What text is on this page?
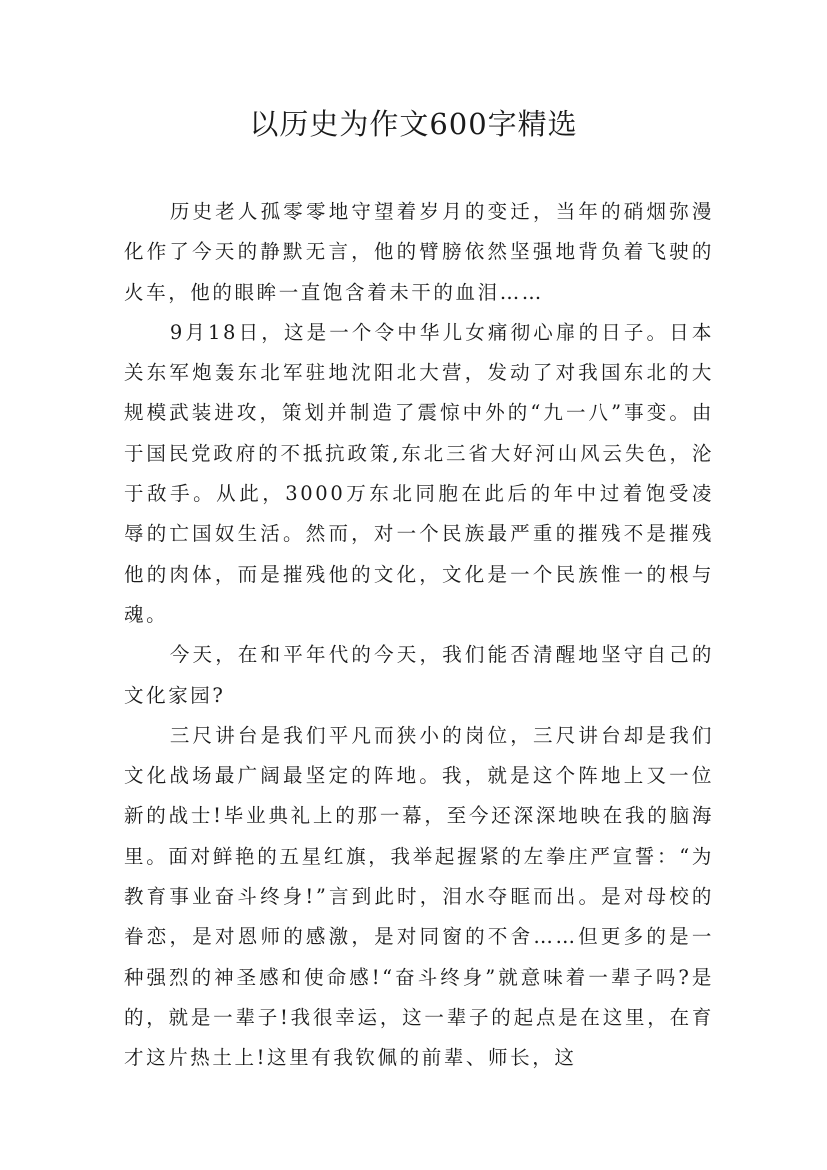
以历史为作文600字精选

历史老人孤零零地守望着岁月的变迁，当年的硝烟弥漫化作了今天的静默无言，他的臂膀依然坚强地背负着飞驶的火车，他的眼眸一直饱含着未干的血泪……

9月18日，这是一个令中华儿女痛彻心扉的日子。日本关东军炮轰东北军驻地沈阳北大营，发动了对我国东北的大规模武装进攻，策划并制造了震惊中外的“九一八”事变。由于国民党政府的不抵抗政策,东北三省大好河山风云失色，沦于敌手。从此，3000万东北同胞在此后的年中过着饱受凌辱的亡国奴生活。然而，对一个民族最严重的摧残不是摧残他的肉体，而是摧残他的文化，文化是一个民族惟一的根与魂。

今天，在和平年代的今天，我们能否清醒地坚守自己的文化家园?

三尺讲台是我们平凡而狭小的岗位，三尺讲台却是我们文化战场最广阔最坚定的阵地。我，就是这个阵地上又一位新的战士!毕业典礼上的那一幕，至今还深深地映在我的脑海里。面对鲜艳的五星红旗，我举起握紧的左拳庄严宣誓：“为教育事业奋斗终身!”言到此时，泪水夺眶而出。是对母校的眷恋，是对恩师的感激，是对同窗的不舍……但更多的是一种强烈的神圣感和使命感!“奋斗终身”就意味着一辈子吗?是的，就是一辈子!我很幸运，这一辈子的起点是在这里，在育才这片热土上!这里有我钦佩的前辈、师长，这
